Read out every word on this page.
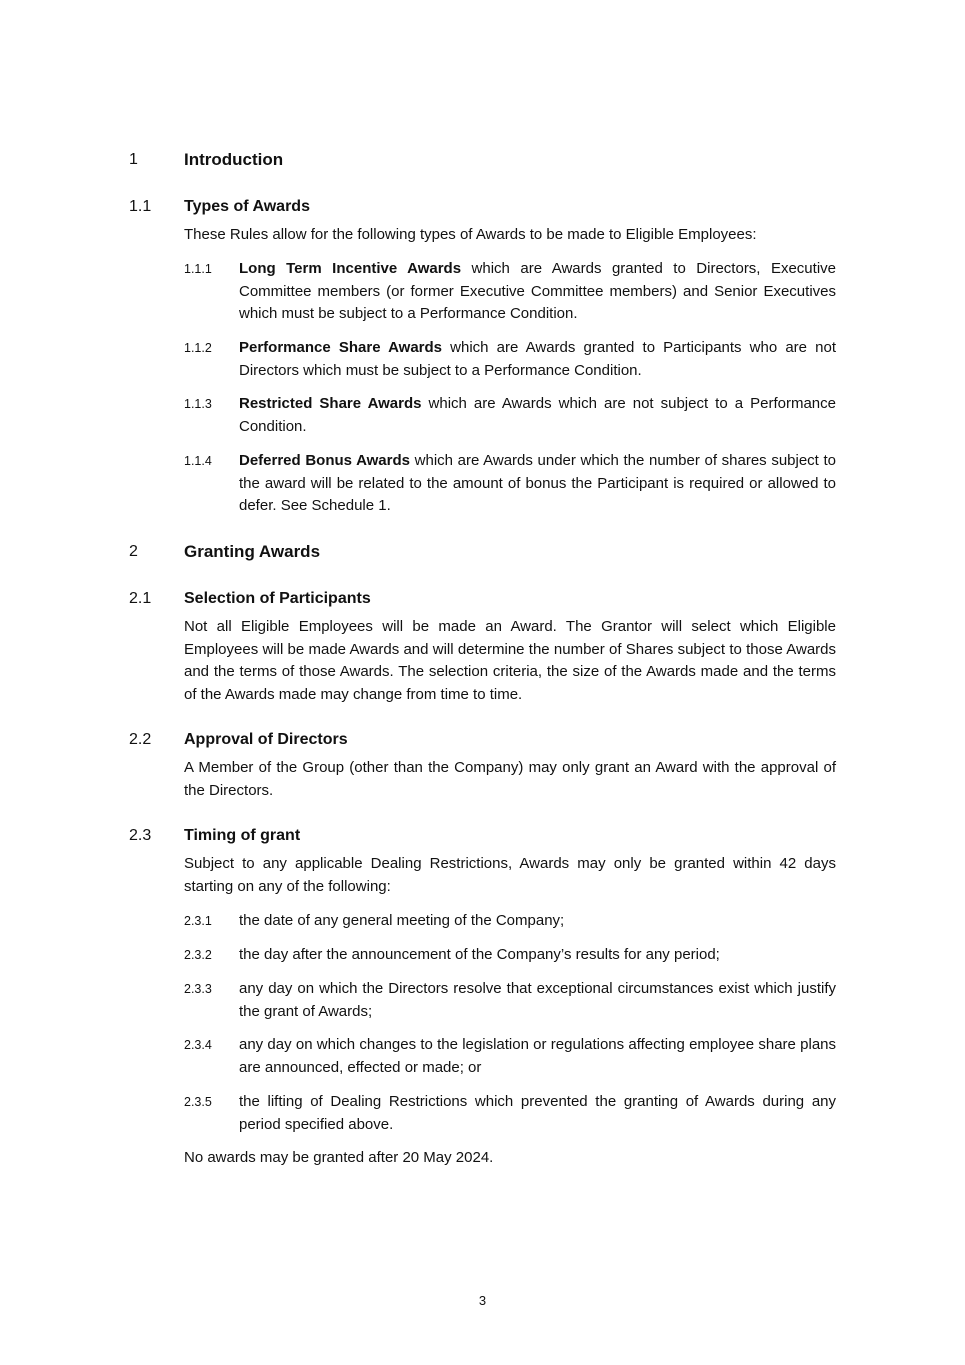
1	Introduction
1.1 Types of Awards
These Rules allow for the following types of Awards to be made to Eligible Employees:
1.1.1 Long Term Incentive Awards which are Awards granted to Directors, Executive Committee members (or former Executive Committee members) and Senior Executives which must be subject to a Performance Condition.
1.1.2 Performance Share Awards which are Awards granted to Participants who are not Directors which must be subject to a Performance Condition.
1.1.3 Restricted Share Awards which are Awards which are not subject to a Performance Condition.
1.1.4 Deferred Bonus Awards which are Awards under which the number of shares subject to the award will be related to the amount of bonus the Participant is required or allowed to defer. See Schedule 1.
2	Granting Awards
2.1 Selection of Participants
Not all Eligible Employees will be made an Award. The Grantor will select which Eligible Employees will be made Awards and will determine the number of Shares subject to those Awards and the terms of those Awards. The selection criteria, the size of the Awards made and the terms of the Awards made may change from time to time.
2.2 Approval of Directors
A Member of the Group (other than the Company) may only grant an Award with the approval of the Directors.
2.3 Timing of grant
Subject to any applicable Dealing Restrictions, Awards may only be granted within 42 days starting on any of the following:
2.3.1 the date of any general meeting of the Company;
2.3.2 the day after the announcement of the Company’s results for any period;
2.3.3 any day on which the Directors resolve that exceptional circumstances exist which justify the grant of Awards;
2.3.4 any day on which changes to the legislation or regulations affecting employee share plans are announced, effected or made; or
2.3.5 the lifting of Dealing Restrictions which prevented the granting of Awards during any period specified above.
No awards may be granted after 20 May 2024.
3
